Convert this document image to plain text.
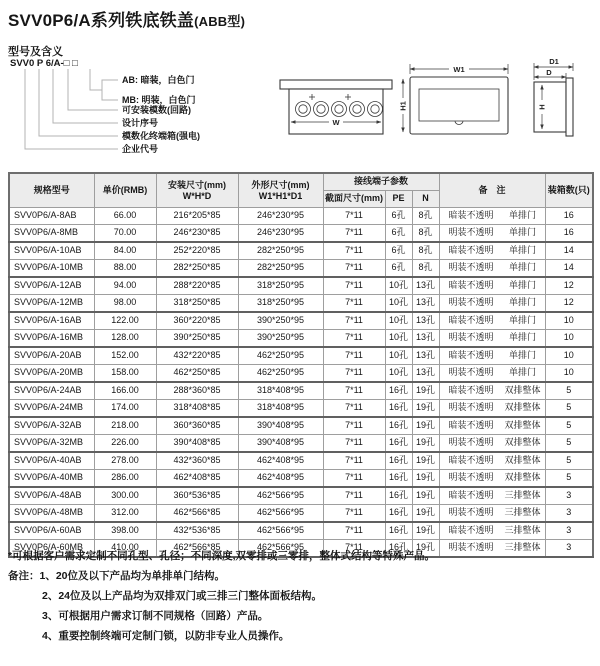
SVV0P6/A系列铁底铁盖(ABB型)
型号及含义
SVV0 P 6/A-□ □
AB: 暗装，白色门
MB: 明装，白色门
可安装模数(回路)
设计序号
模数化终端箱(强电)
企业代号
W
W1
H1
D1
D
H
规格型号	单价(RMB)	安装尺寸(mm)
W*H*D

外形尺寸(mm)
W1*H1*D1
	接线端子参数	备　注	装箱数(只)
				截面尺寸(mm)	PE	N		
SVV0P6/A-8AB	66.00	216*205*85	246*230*95	7*11	6孔	8孔	暗装不透明 单排门	16
SVV0P6/A-8MB	70.00	246*230*85	246*230*95	7*11	6孔	8孔	明装不透明 单排门	16
SVV0P6/A-10AB	84.00	252*220*85	282*250*95	7*11	6孔	8孔	暗装不透明 单排门	14
SVV0P6/A-10MB	88.00	282*250*85	282*250*95	7*11	6孔	8孔	明装不透明 单排门	14
SVV0P6/A-12AB	94.00	288*220*85	318*250*95	7*11	10孔	13孔	暗装不透明 单排门	12
SVV0P6/A-12MB	98.00	318*250*85	318*250*95	7*11	10孔	13孔	明装不透明 单排门	12
SVV0P6/A-16AB	122.00	360*220*85	390*250*95	7*11	10孔	13孔	暗装不透明 单排门	10
SVV0P6/A-16MB	128.00	390*250*85	390*250*95	7*11	10孔	13孔	明装不透明 单排门	10
SVV0P6/A-20AB	152.00	432*220*85	462*250*95	7*11	10孔	13孔	暗装不透明 单排门	10
SVV0P6/A-20MB	158.00	462*250*85	462*250*95	7*11	10孔	13孔	明装不透明 单排门	10
SVV0P6/A-24AB	166.00	288*360*85	318*408*95	7*11	16孔	19孔	暗装不透明 双排整体	5
SVV0P6/A-24MB	174.00	318*408*85	318*408*95	7*11	16孔	19孔	明装不透明 双排整体	5
SVV0P6/A-32AB	218.00	360*360*85	390*408*95	7*11	16孔	19孔	暗装不透明 双排整体	5
SVV0P6/A-32MB	226.00	390*408*85	390*408*95	7*11	16孔	19孔	明装不透明 双排整体	5
SVV0P6/A-40AB	278.00	432*360*85	462*408*95	7*11	16孔	19孔	暗装不透明 双排整体	5
SVV0P6/A-40MB	286.00	462*408*85	462*408*95	7*11	16孔	19孔	明装不透明 双排整体	5
SVV0P6/A-48AB	300.00	360*536*85	462*566*95	7*11	16孔	19孔	暗装不透明 三排整体	3
SVV0P6/A-48MB	312.00	462*566*85	462*566*95	7*11	16孔	19孔	明装不透明 三排整体	3
SVV0P6/A-60AB	398.00	432*536*85	462*566*95	7*11	16孔	19孔	暗装不透明 三排整体	3
SVV0P6/A-60MB	410.00	462*566*85	462*566*95	7*11	16孔	19孔	明装不透明 三排整体	3

*可根据客户需求定制不同孔型、孔径；不同深度,双零排或三零排，整体式结构等特殊产品。

备注：1、20位及以下产品均为单排单门结构。

2、24位及以上产品均为双排双门或三排三门整体面板结构。

3、可根据用户需求订制不同规格（回路）产品。

4、重要控制终端可定制门锁，以防非专业人员操作。
